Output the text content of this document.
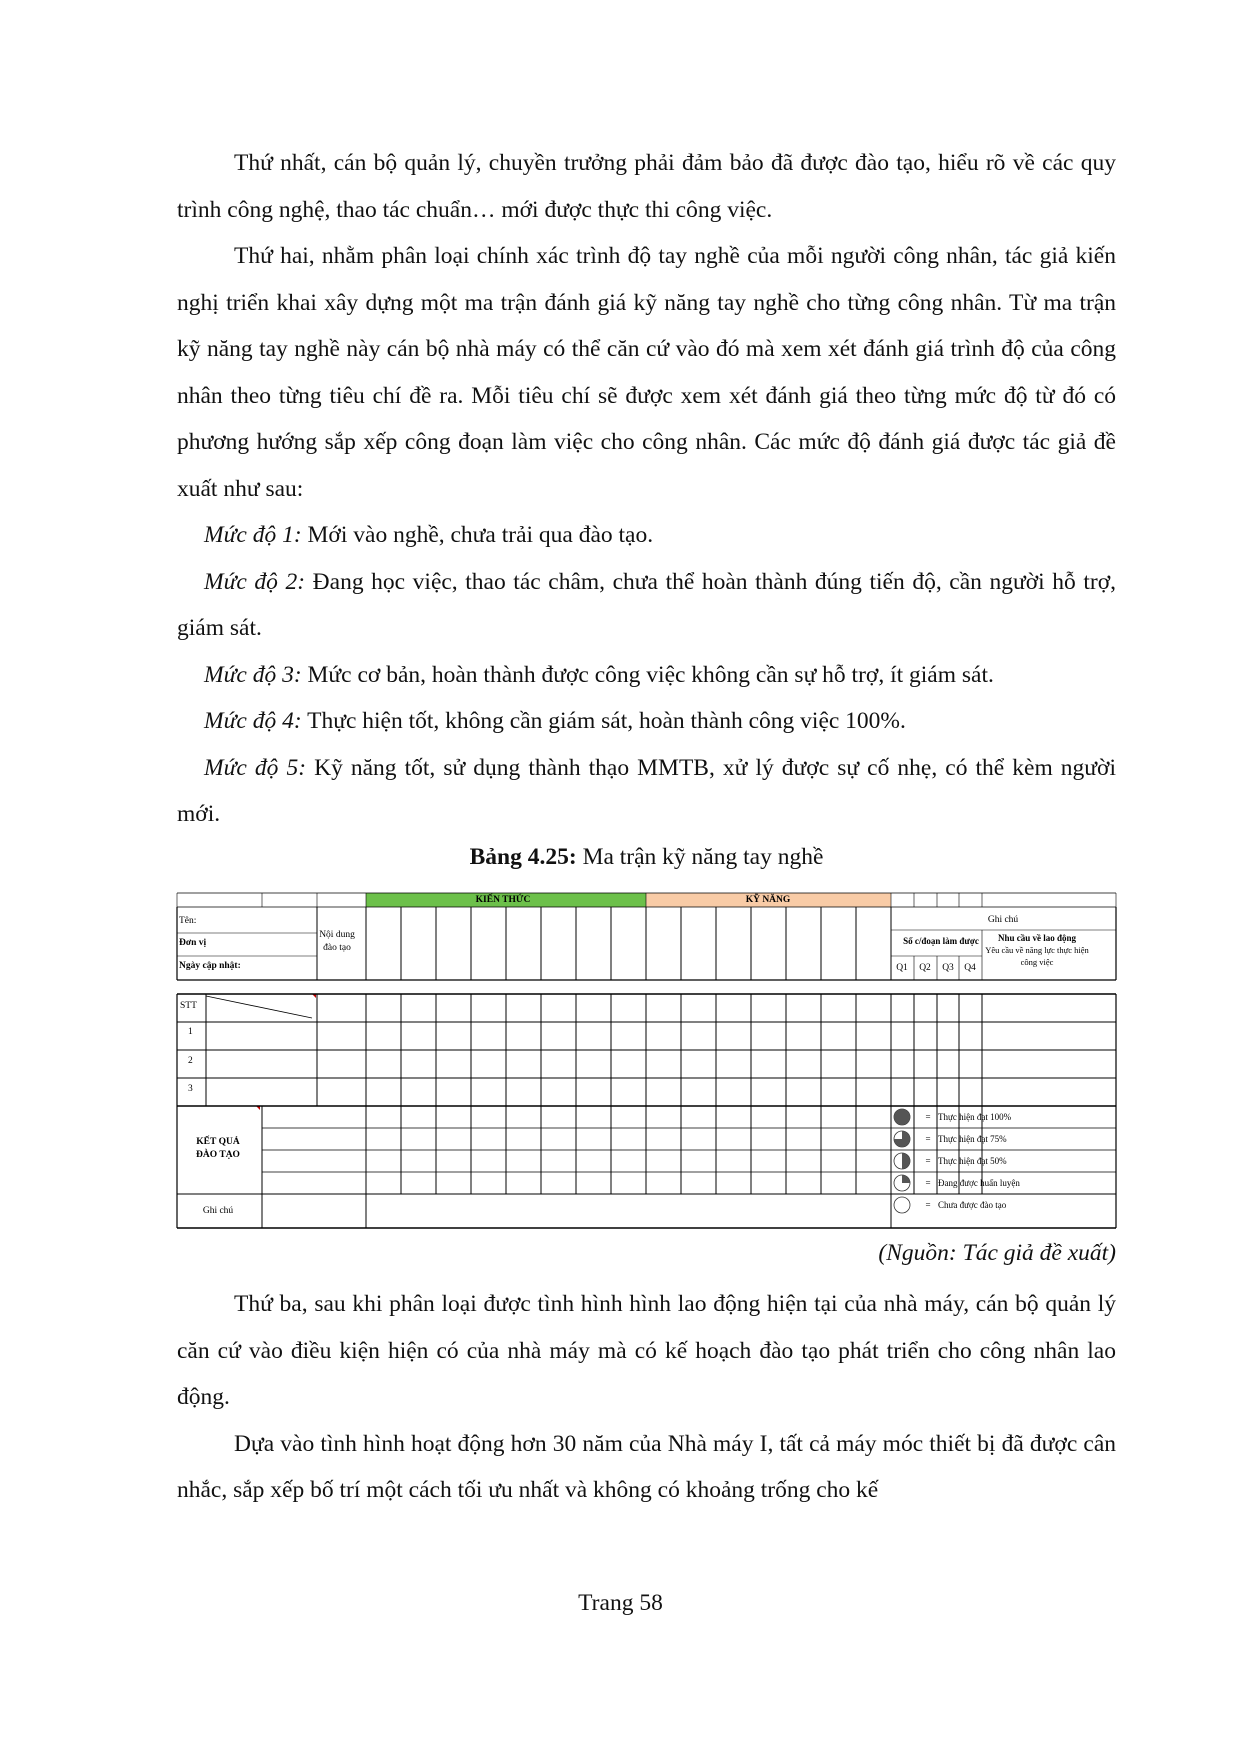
Thứ nhất, cán bộ quản lý, chuyền trưởng phải đảm bảo đã được đào tạo, hiểu rõ về các quy trình công nghệ, thao tác chuẩn… mới được thực thi công việc.

Thứ hai, nhằm phân loại chính xác trình độ tay nghề của mỗi người công nhân, tác giả kiến nghị triển khai xây dựng một ma trận đánh giá kỹ năng tay nghề cho từng công nhân. Từ ma trận kỹ năng tay nghề này cán bộ nhà máy có thể căn cứ vào đó mà xem xét đánh giá trình độ của công nhân theo từng tiêu chí đề ra. Mỗi tiêu chí sẽ được xem xét đánh giá theo từng mức độ từ đó có phương hướng sắp xếp công đoạn làm việc cho công nhân. Các mức độ đánh giá được tác giả đề xuất như sau:

Mức độ 1: Mới vào nghề, chưa trải qua đào tạo.

Mức độ 2: Đang học việc, thao tác châm, chưa thể hoàn thành đúng tiến độ, cần người hỗ trợ, giám sát.

Mức độ 3: Mức cơ bản, hoàn thành được công việc không cần sự hỗ trợ, ít giám sát.

Mức độ 4: Thực hiện tốt, không cần giám sát, hoàn thành công việc 100%.

Mức độ 5: Kỹ năng tốt, sử dụng thành thạo MMTB, xử lý được sự cố nhẹ, có thể kèm người mới.

Bảng 4.25: Ma trận kỹ năng tay nghề
KIẾN THỨC	KỸ NĂNG
Tên:
Đơn vị
Ngày cập nhật:
Nội dung đào tạo
Ghi chú
Số c/đoạn làm được
Q1 Q2 Q3 Q4
Nhu cầu về lao động
Yêu cầu về năng lực thực hiện công việc
STT
1
2
3
KẾT QUẢ ĐÀO TẠO
Ghi chú
= Thực hiện đạt 100%
= Thực hiện đạt 75%
= Thực hiện đạt 50%
= Đang được huấn luyện
= Chưa được đào tạo
(Nguồn: Tác giả đề xuất)

Thứ ba, sau khi phân loại được tình hình hình lao động hiện tại của nhà máy, cán bộ quản lý căn cứ vào điều kiện hiện có của nhà máy mà có kế hoạch đào tạo phát triển cho công nhân lao động.

Dựa vào tình hình hoạt động hơn 30 năm của Nhà máy I, tất cả máy móc thiết bị đã được cân nhắc, sắp xếp bố trí một cách tối ưu nhất và không có khoảng trống cho kế

Trang 58
